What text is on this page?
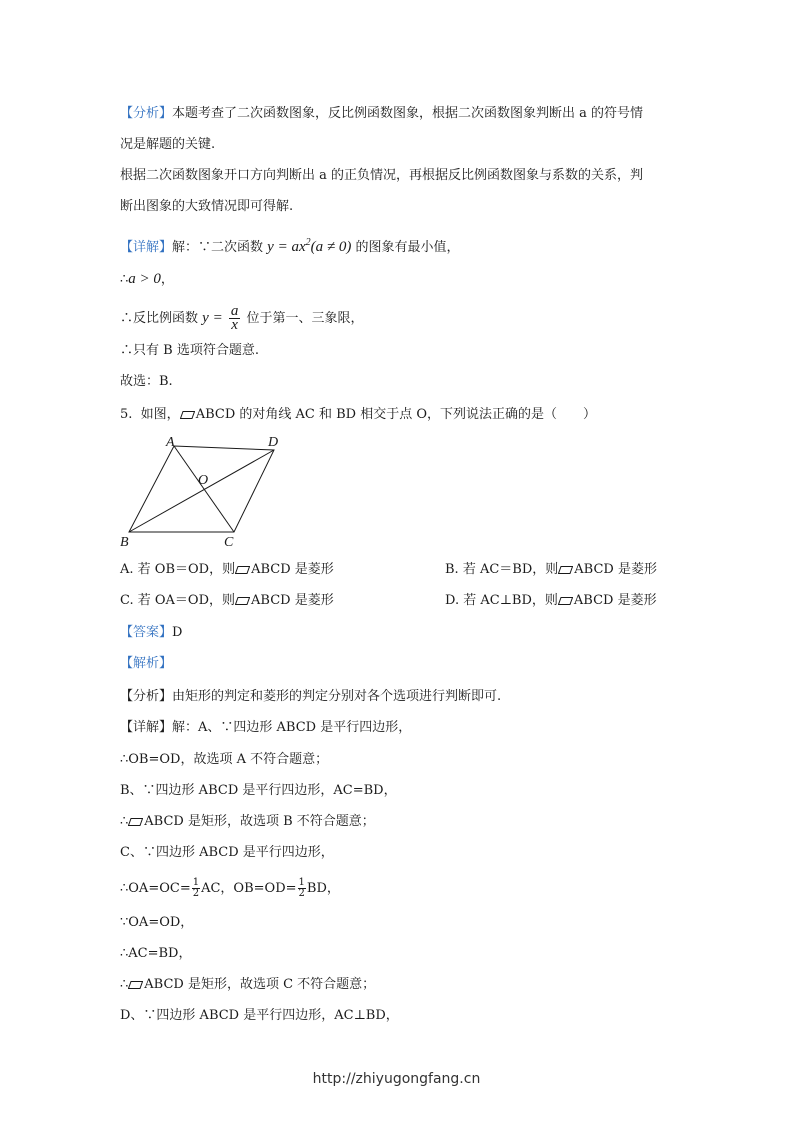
【分析】本题考查了二次函数图象，反比例函数图象，根据二次函数图象判断出 a 的符号情
况是解题的关键.
根据二次函数图象开口方向判断出 a 的正负情况，再根据反比例函数图象与系数的关系，判
断出图象的大致情况即可得解.
【详解】解：∵二次函数 $y = ax^2(a \ne 0)$ 的图象有最小值，
∴a > 0，
∴反比例函数 $y = \frac{a}{x}$ 位于第一、三象限，
∴只有 B 选项符合题意.
故选：B.
5. 如图， ABCD 的对角线 AC 和 BD 相交于点 O，下列说法正确的是（　　）
A	D
O
B	C
A. 若 OB＝OD，则 ABCD 是菱形	B. 若 AC＝BD，则 ABCD 是菱形
C. 若 OA＝OD，则 ABCD 是菱形	D. 若 AC⊥BD，则 ABCD 是菱形
【答案】D
【解析】
【分析】由矩形的判定和菱形的判定分别对各个选项进行判断即可.
【详解】解：A、∵四边形 ABCD 是平行四边形，
∴OB=OD，故选项 A 不符合题意；
B、∵四边形 ABCD 是平行四边形，AC=BD，
∴ ABCD 是矩形，故选项 B 不符合题意；
C、∵四边形 ABCD 是平行四边形，
∴OA=OC= $\frac{1}{2}$ AC，$OB=OD= \frac{1}{2}$ BD，
∵OA=OD，
∴AC=BD，
∴ ABCD 是矩形，故选项 C 不符合题意；
D、∵四边形 ABCD 是平行四边形，AC⊥BD，
http://zhiyugongfang.cn
